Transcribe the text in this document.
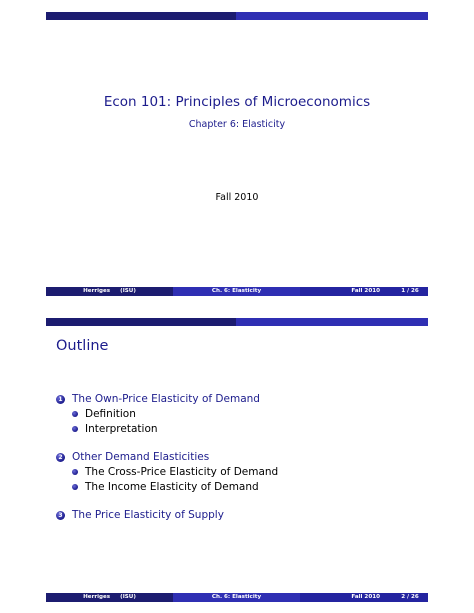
Econ 101: Principles of Microeconomics
Chapter 6: Elasticity
Fall 2010
Herriges (ISU)	Ch. 6: Elasticity	Fall 2010	1 / 26
Outline
1 The Own-Price Elasticity of Demand
Definition
Interpretation
2 Other Demand Elasticities
The Cross-Price Elasticity of Demand
The Income Elasticity of Demand
3 The Price Elasticity of Supply
Herriges (ISU)	Ch. 6: Elasticity	Fall 2010	2 / 26
